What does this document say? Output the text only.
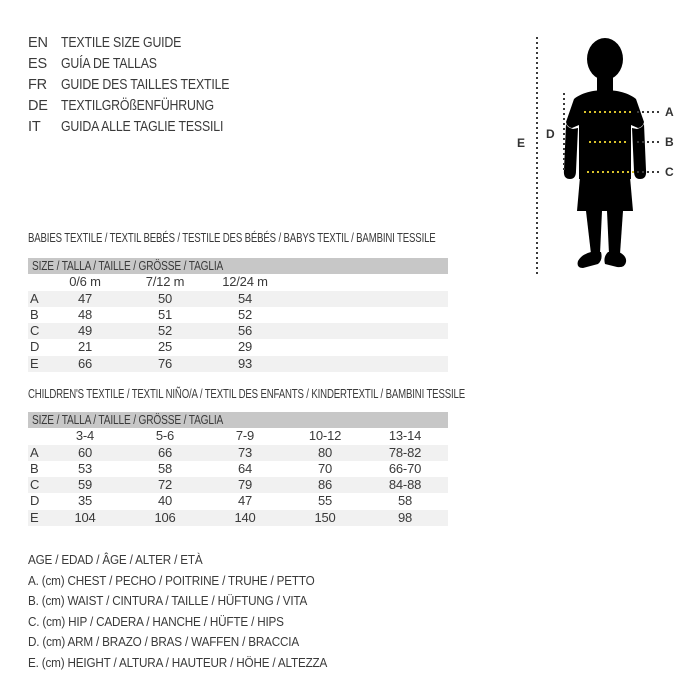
EN TEXTILE SIZE GUIDE
ES GUÍA DE TALLAS
FR GUIDE DES TAILLES TEXTILE
DE TEXTILGRÖßENFÜHRUNG
IT	GUIDA ALLE TAGLIE TESSILI
A
B
C
D
E
BABIES TEXTILE / TEXTIL BEBÉS / TESTILE DES BÉBÉS / BABYS TEXTIL / BAMBINI TESSILE
SIZE / TALLA / TAILLE / GRÖSSE / TAGLIA				
	0/6 m	7/12 m	12/24 m	
A	47	50	54	
B	48	51	52	
C	49	52	56	
D	21	25	29	
E	66	76	93	
CHILDREN'S TEXTILE / TEXTIL NIÑO/A / TEXTIL DES ENFANTS / KINDERTEXTIL / BAMBINI TESSILE
SIZE / TALLA / TAILLE / GRÖSSE / TAGLIA						
	3-4	5-6	7-9	10-12	13-14	
A	60	66	73	80	78-82	
B	53	58	64	70	66-70	
C	59	72	79	86	84-88	
D	35	40	47	55	58	
E	104	106	140	150	98	
AGE / EDAD / ÂGE / ALTER / ETÀ
A. (cm) CHEST / PECHO / POITRINE / TRUHE / PETTO
B. (cm) WAIST / CINTURA / TAILLE / HÜFTUNG / VITA
C. (cm) HIP / CADERA / HANCHE / HÜFTE / HIPS
D. (cm) ARM / BRAZO / BRAS / WAFFEN / BRACCIA
E. (cm) HEIGHT / ALTURA / HAUTEUR / HÖHE / ALTEZZA
